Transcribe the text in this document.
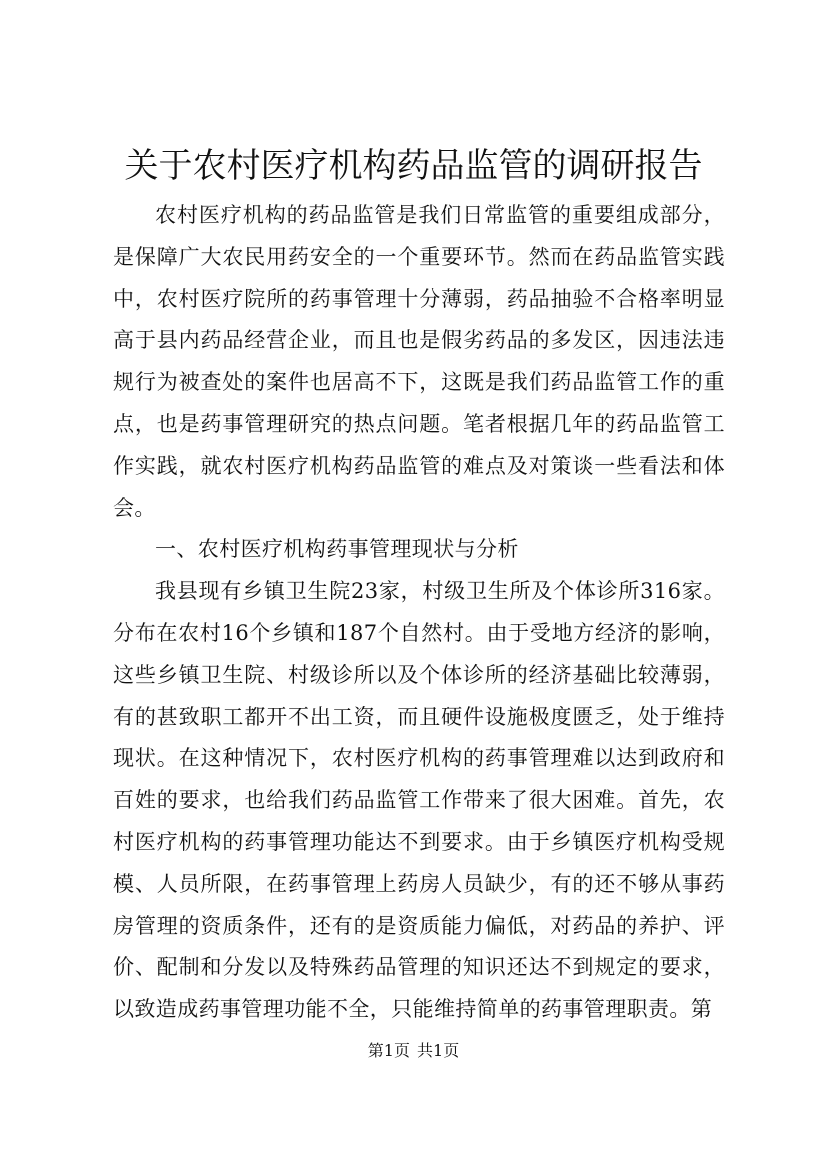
关于农村医疗机构药品监管的调研报告

农村医疗机构的药品监管是我们日常监管的重要组成部分，是保障广大农民用药安全的一个重要环节。然而在药品监管实践中，农村医疗院所的药事管理十分薄弱，药品抽验不合格率明显高于县内药品经营企业，而且也是假劣药品的多发区，因违法违规行为被查处的案件也居高不下，这既是我们药品监管工作的重点，也是药事管理研究的热点问题。笔者根据几年的药品监管工作实践，就农村医疗机构药品监管的难点及对策谈一些看法和体会。

一、农村医疗机构药事管理现状与分析

我县现有乡镇卫生院23家，村级卫生所及个体诊所316家。分布在农村16个乡镇和187个自然村。由于受地方经济的影响，这些乡镇卫生院、村级诊所以及个体诊所的经济基础比较薄弱，有的甚致职工都开不出工资，而且硬件设施极度匮乏，处于维持现状。在这种情况下，农村医疗机构的药事管理难以达到政府和百姓的要求，也给我们药品监管工作带来了很大困难。首先，农村医疗机构的药事管理功能达不到要求。由于乡镇医疗机构受规模、人员所限，在药事管理上药房人员缺少，有的还不够从事药房管理的资质条件，还有的是资质能力偏低，对药品的养护、评价、配制和分发以及特殊药品管理的知识还达不到规定的要求，以致造成药事管理功能不全，只能维持简单的药事管理职责。第

第1页 共1页
